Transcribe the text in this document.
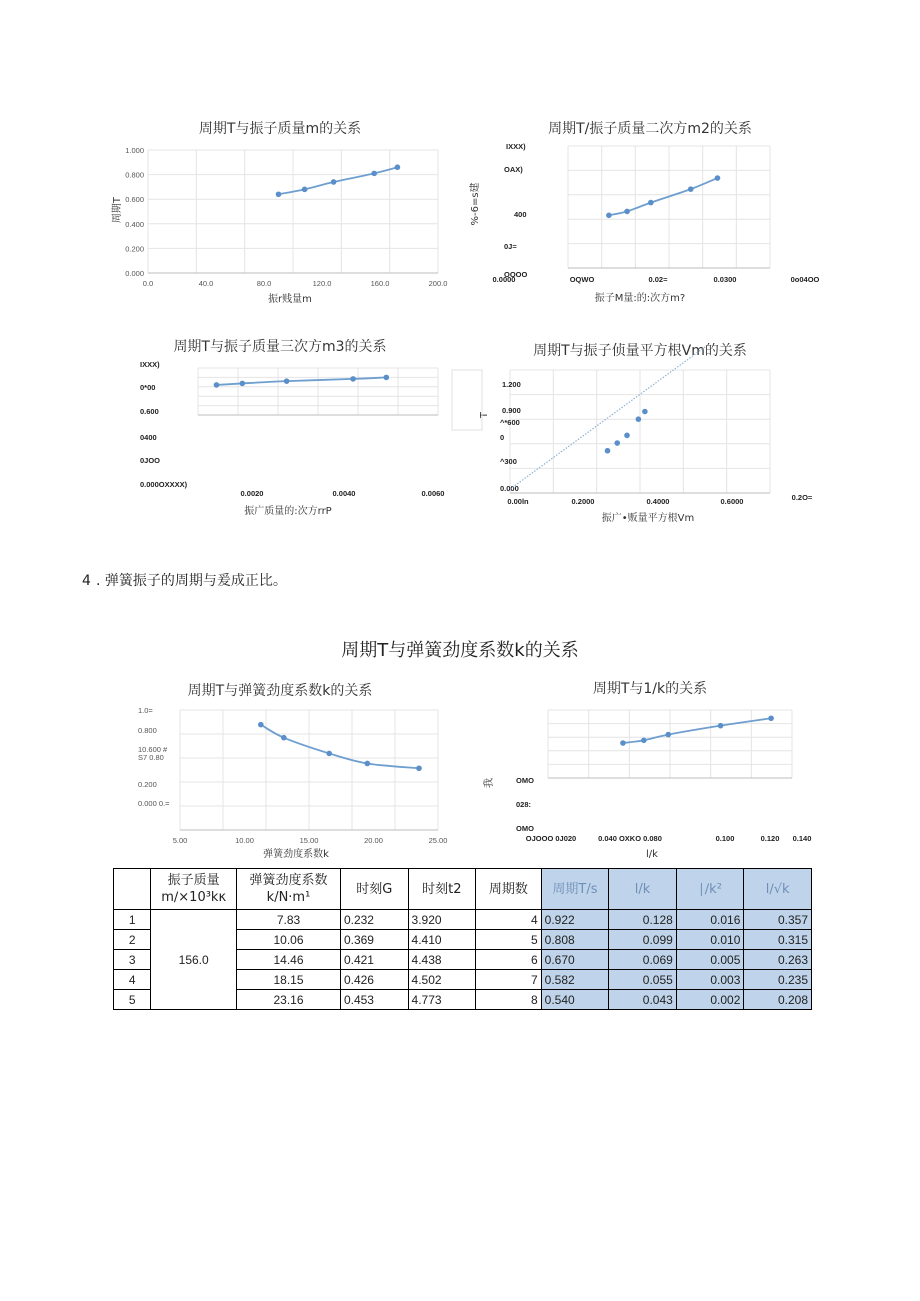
周期T与振子质量m的关系
0.0	40.0	80.0	120.0	160.0	200.0
0.000
0.200
0.400
0.600
0.800
1.000
振r贱量m
周期T
周期T/振子质量二次方m2的关系
0.0000	OQWO	0.02=	0.0300	0o04OO
OOOO
0J=
400
OAX)
IXXX)
振子M量:的:次方m?
%-6=s建
周期T与振子质量三次方m3的关系
0.0020	0.0040	0.0060
0.000OXXXX)
0JOO
0400
0.600
0*00
IXXX)
振广质量的:次方rrP
周期T与振子侦量平方根Vm的关系
0.00ln	0.2000	0.4000	0.6000	0.2O=
0.000
^300
0
^*600
0.900
1.200
振广•贩量平方根Vm
T
4 . 弹簧振子的周期与爰成正比。
周期T与弹簧劲度系数k的关系
周期T与弹簧劲度系数k的关系
5.00	10.00	15.00	20.00	25.00
0.000 0.=
0.200
S7 0.80
10.600 #
0.800
1.0=
弹簧劲度系数k
周期T与1/k的关系
OJOOO 0J020	0.040 OXKO 0.080	0.100	0.120 0.140
OMO
028:
OMO
l/k
我
	振子质量m∕×10³kκ	弹簧劲度系数k/N·m¹	时刻G	时刻t2	周期数	周期T/s	l/k	∣∕k²	l∕√k
1	156.0	7.83	0.232	3.920	4	0.922	0.128	0.016	0.357
2		10.06	0.369	4.410	5	0.808	0.099	0.010	0.315
3		14.46	0.421	4.438	6	0.670	0.069	0.005	0.263
4		18.15	0.426	4.502	7	0.582	0.055	0.003	0.235
5		23.16	0.453	4.773	8	0.540	0.043	0.002	0.208
